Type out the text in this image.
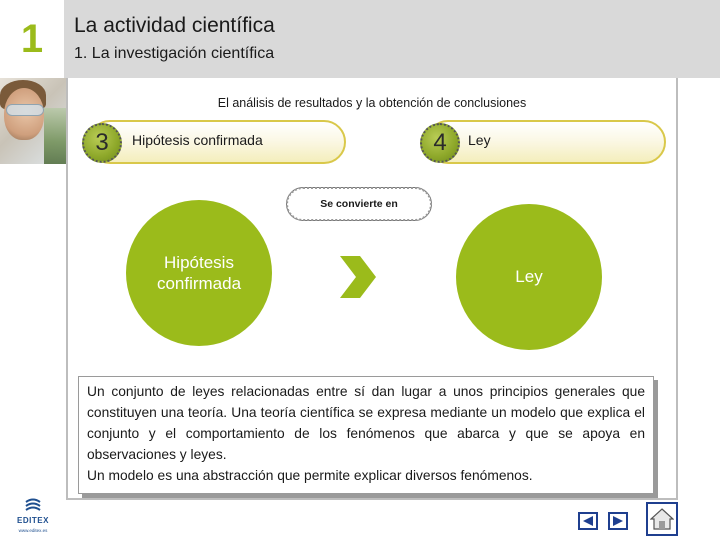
1	La actividad científica
1. La investigación científica
El análisis de resultados y la obtención de conclusiones
Hipótesis confirmada
3	Ley
4
Se convierte en
Hipótesis
confirmada	Ley

Un conjunto de leyes relacionadas entre sí dan lugar a unos principios generales que constituyen una teoría. Una teoría científica se expresa mediante un modelo que explica el conjunto y el comportamiento de los fenómenos que abarca y que se apoya en observaciones y leyes.

Un modelo es una abstracción que permite explicar diversos fenómenos.

EDITEX
www.editex.es
